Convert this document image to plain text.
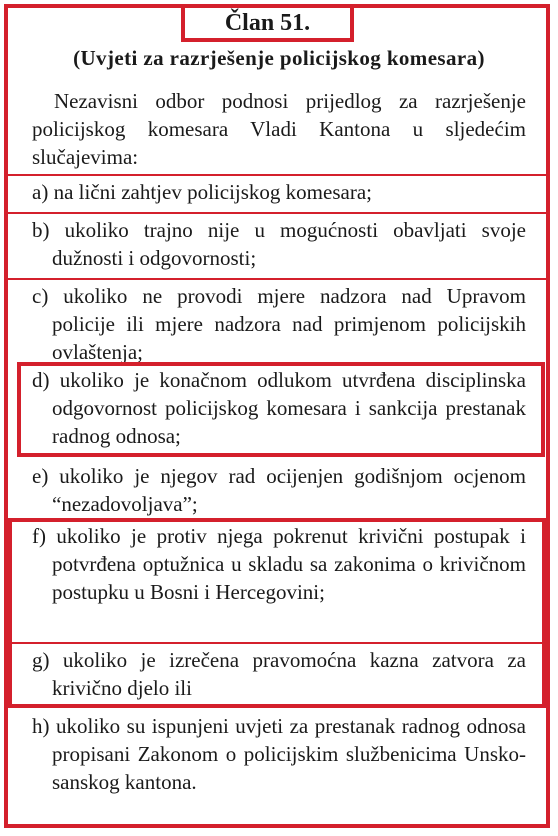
Član 51.
(Uvjeti za razrješenje policijskog komesara)
Nezavisni odbor podnosi prijedlog za razrješenje policijskog komesara Vladi Kantona u sljedećim slučajevima:
a) na lični zahtjev policijskog komesara;
b) ukoliko trajno nije u mogućnosti obavljati svoje dužnosti i odgovornosti;
c) ukoliko ne provodi mjere nadzora nad Upravom policije ili mjere nadzora nad primjenom policijskih ovlaštenja;
d) ukoliko je konačnom odlukom utvrđena disciplinska odgovornost policijskog komesara i sankcija prestanak radnog odnosa;
e) ukoliko je njegov rad ocijenjen godišnjom ocjenom “nezadovoljava”;
f) ukoliko je protiv njega pokrenut krivični postupak i potvrđena optužnica u skladu sa zakonima o krivičnom postupku u Bosni i Hercegovini;
g) ukoliko je izrečena pravomoćna kazna zatvora za krivično djelo ili
h) ukoliko su ispunjeni uvjeti za prestanak radnog odnosa propisani Zakonom o policijskim službenicima Unsko-sanskog kantona.
